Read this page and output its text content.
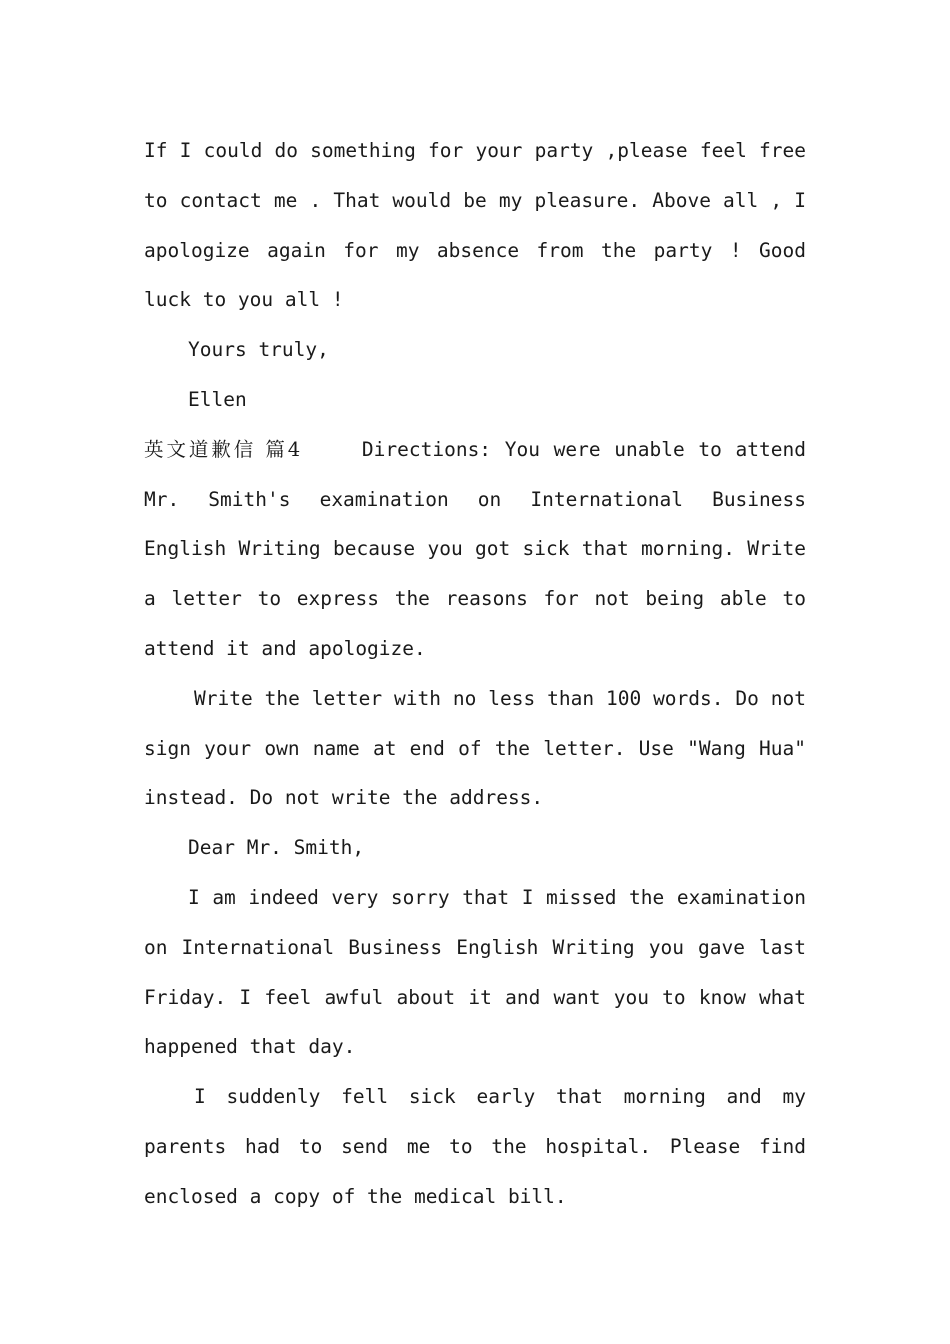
If I could do something for your party ,please feel free to contact me . That would be my pleasure. Above all , I apologize again for my absence from the party ! Good luck to you all !

Yours truly,

Ellen

英文道歉信 篇4	Directions: You were unable to attend Mr. Smith's examination on International Business English Writing because you got sick that morning. Write a letter to express the reasons for not being able to attend it and apologize.

Write the letter with no less than 100 words. Do not sign your own name at end of the letter. Use "Wang Hua" instead. Do not write the address.

Dear Mr. Smith,

I am indeed very sorry that I missed the examination on International Business English Writing you gave last Friday. I feel awful about it and want you to know what happened that day.

I suddenly fell sick early that morning and my parents had to send me to the hospital. Please find enclosed a copy of the medical bill.
